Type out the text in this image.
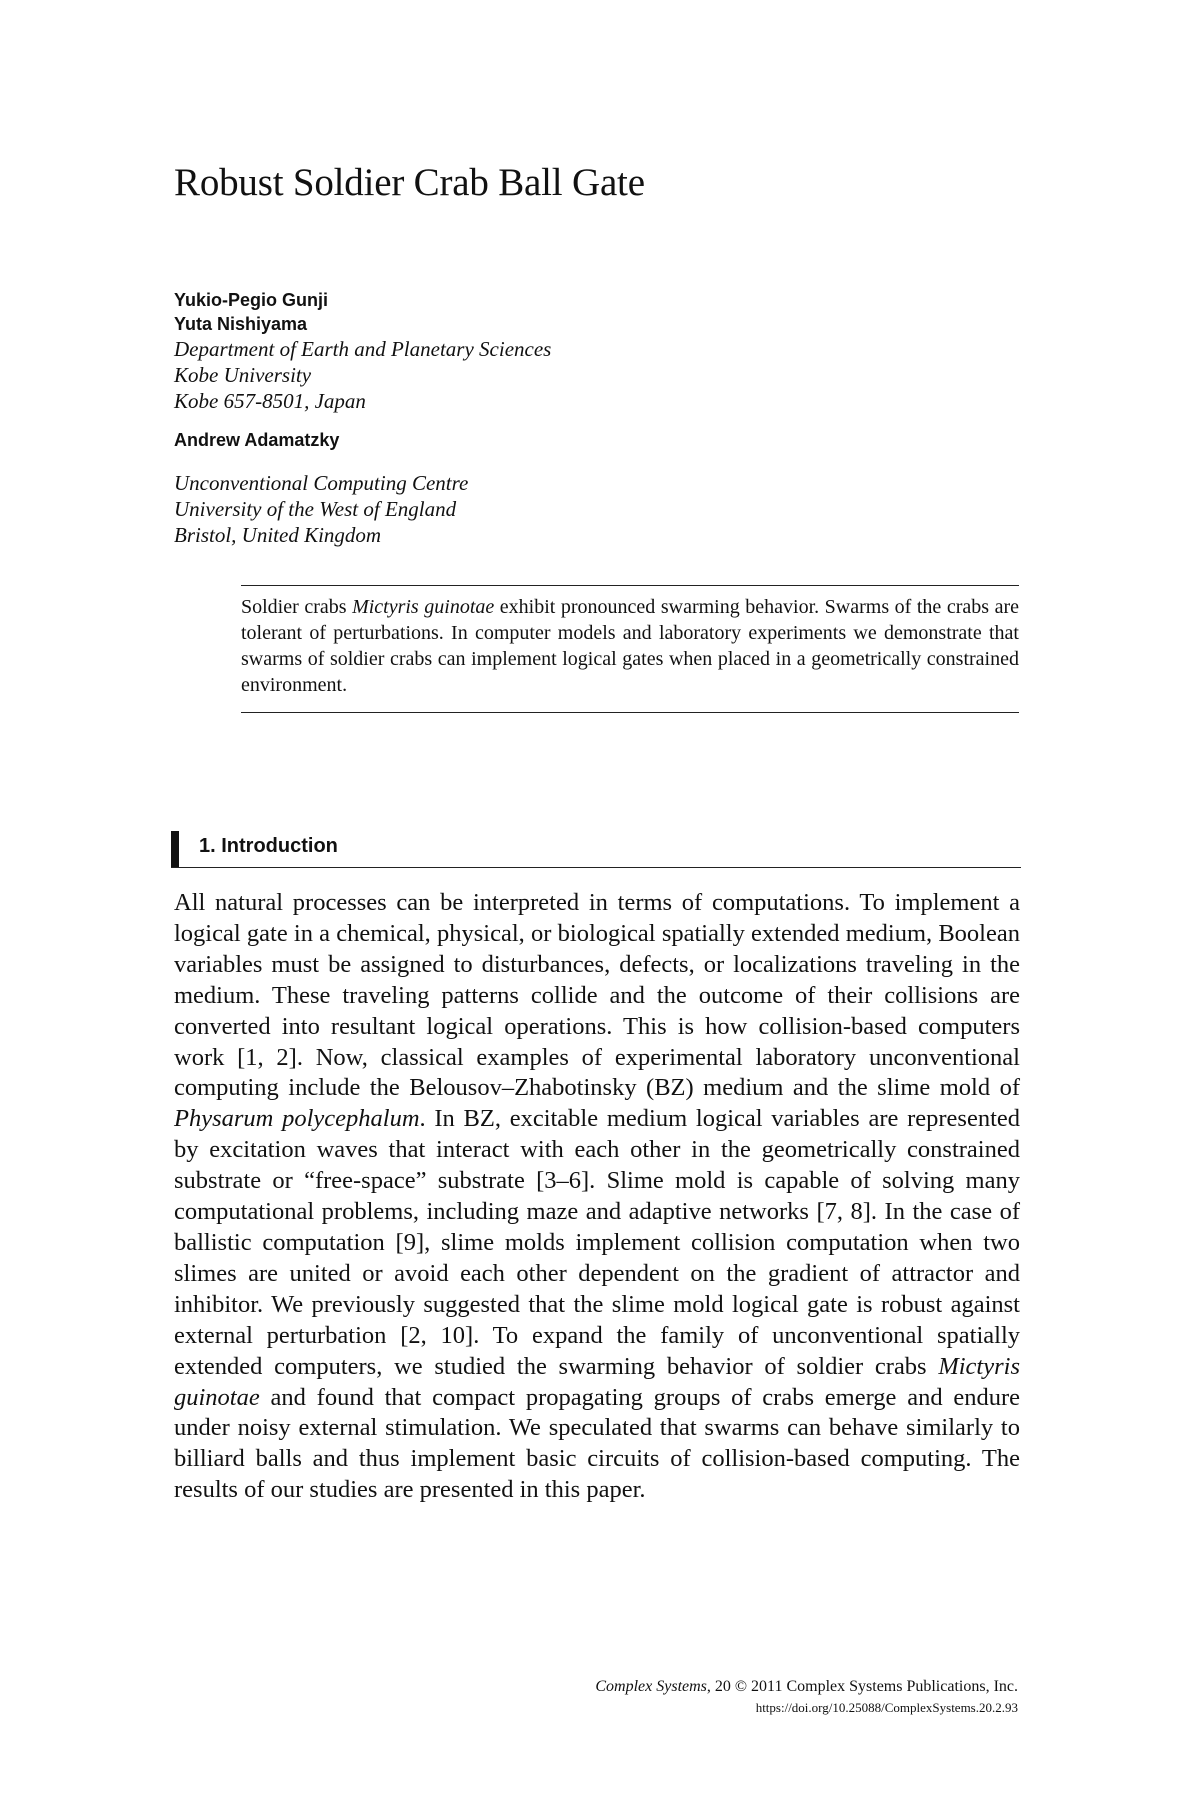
Robust Soldier Crab Ball Gate
Yukio-Pegio Gunji
Yuta Nishiyama
Department of Earth and Planetary Sciences
Kobe University
Kobe 657-8501, Japan
Andrew Adamatzky
Unconventional Computing Centre
University of the West of England
Bristol, United Kingdom

Soldier crabs Mictyris guinotae exhibit pronounced swarming behavior. Swarms of the crabs are tolerant of perturbations. In computer models and laboratory experiments we demonstrate that swarms of soldier crabs can implement logical gates when placed in a geometrically constrained environment.

1. Introduction

All natural processes can be interpreted in terms of computations. To implement a logical gate in a chemical, physical, or biological spatially extended medium, Boolean variables must be assigned to disturbances, defects, or localizations traveling in the medium. These traveling patterns collide and the outcome of their collisions are converted into resultant logical operations. This is how collision-based computers work [1, 2]. Now, classical examples of experimental laboratory unconventional computing include the Belousov–Zhabotinsky (BZ) medium and the slime mold of Physarum polycephalum. In BZ, excitable medium logical variables are represented by excitation waves that interact with each other in the geometrically constrained substrate or “free-space” substrate [3–6]. Slime mold is capable of solving many computational problems, including maze and adaptive networks [7, 8]. In the case of ballistic computation [9], slime molds implement collision computation when two slimes are united or avoid each other dependent on the gradient of attractor and inhibitor. We previously suggested that the slime mold logical gate is robust against external perturbation [2, 10]. To expand the family of unconventional spatially extended computers, we studied the swarming behavior of soldier crabs Mictyris guinotae and found that compact propagating groups of crabs emerge and endure under noisy external stimulation. We speculated that swarms can behave similarly to billiard balls and thus implement basic circuits of collision-based computing. The results of our studies are presented in this paper.

Complex Systems, 20 © 2011 Complex Systems Publications, Inc.
https://doi.org/10.25088/ComplexSystems.20.2.93
